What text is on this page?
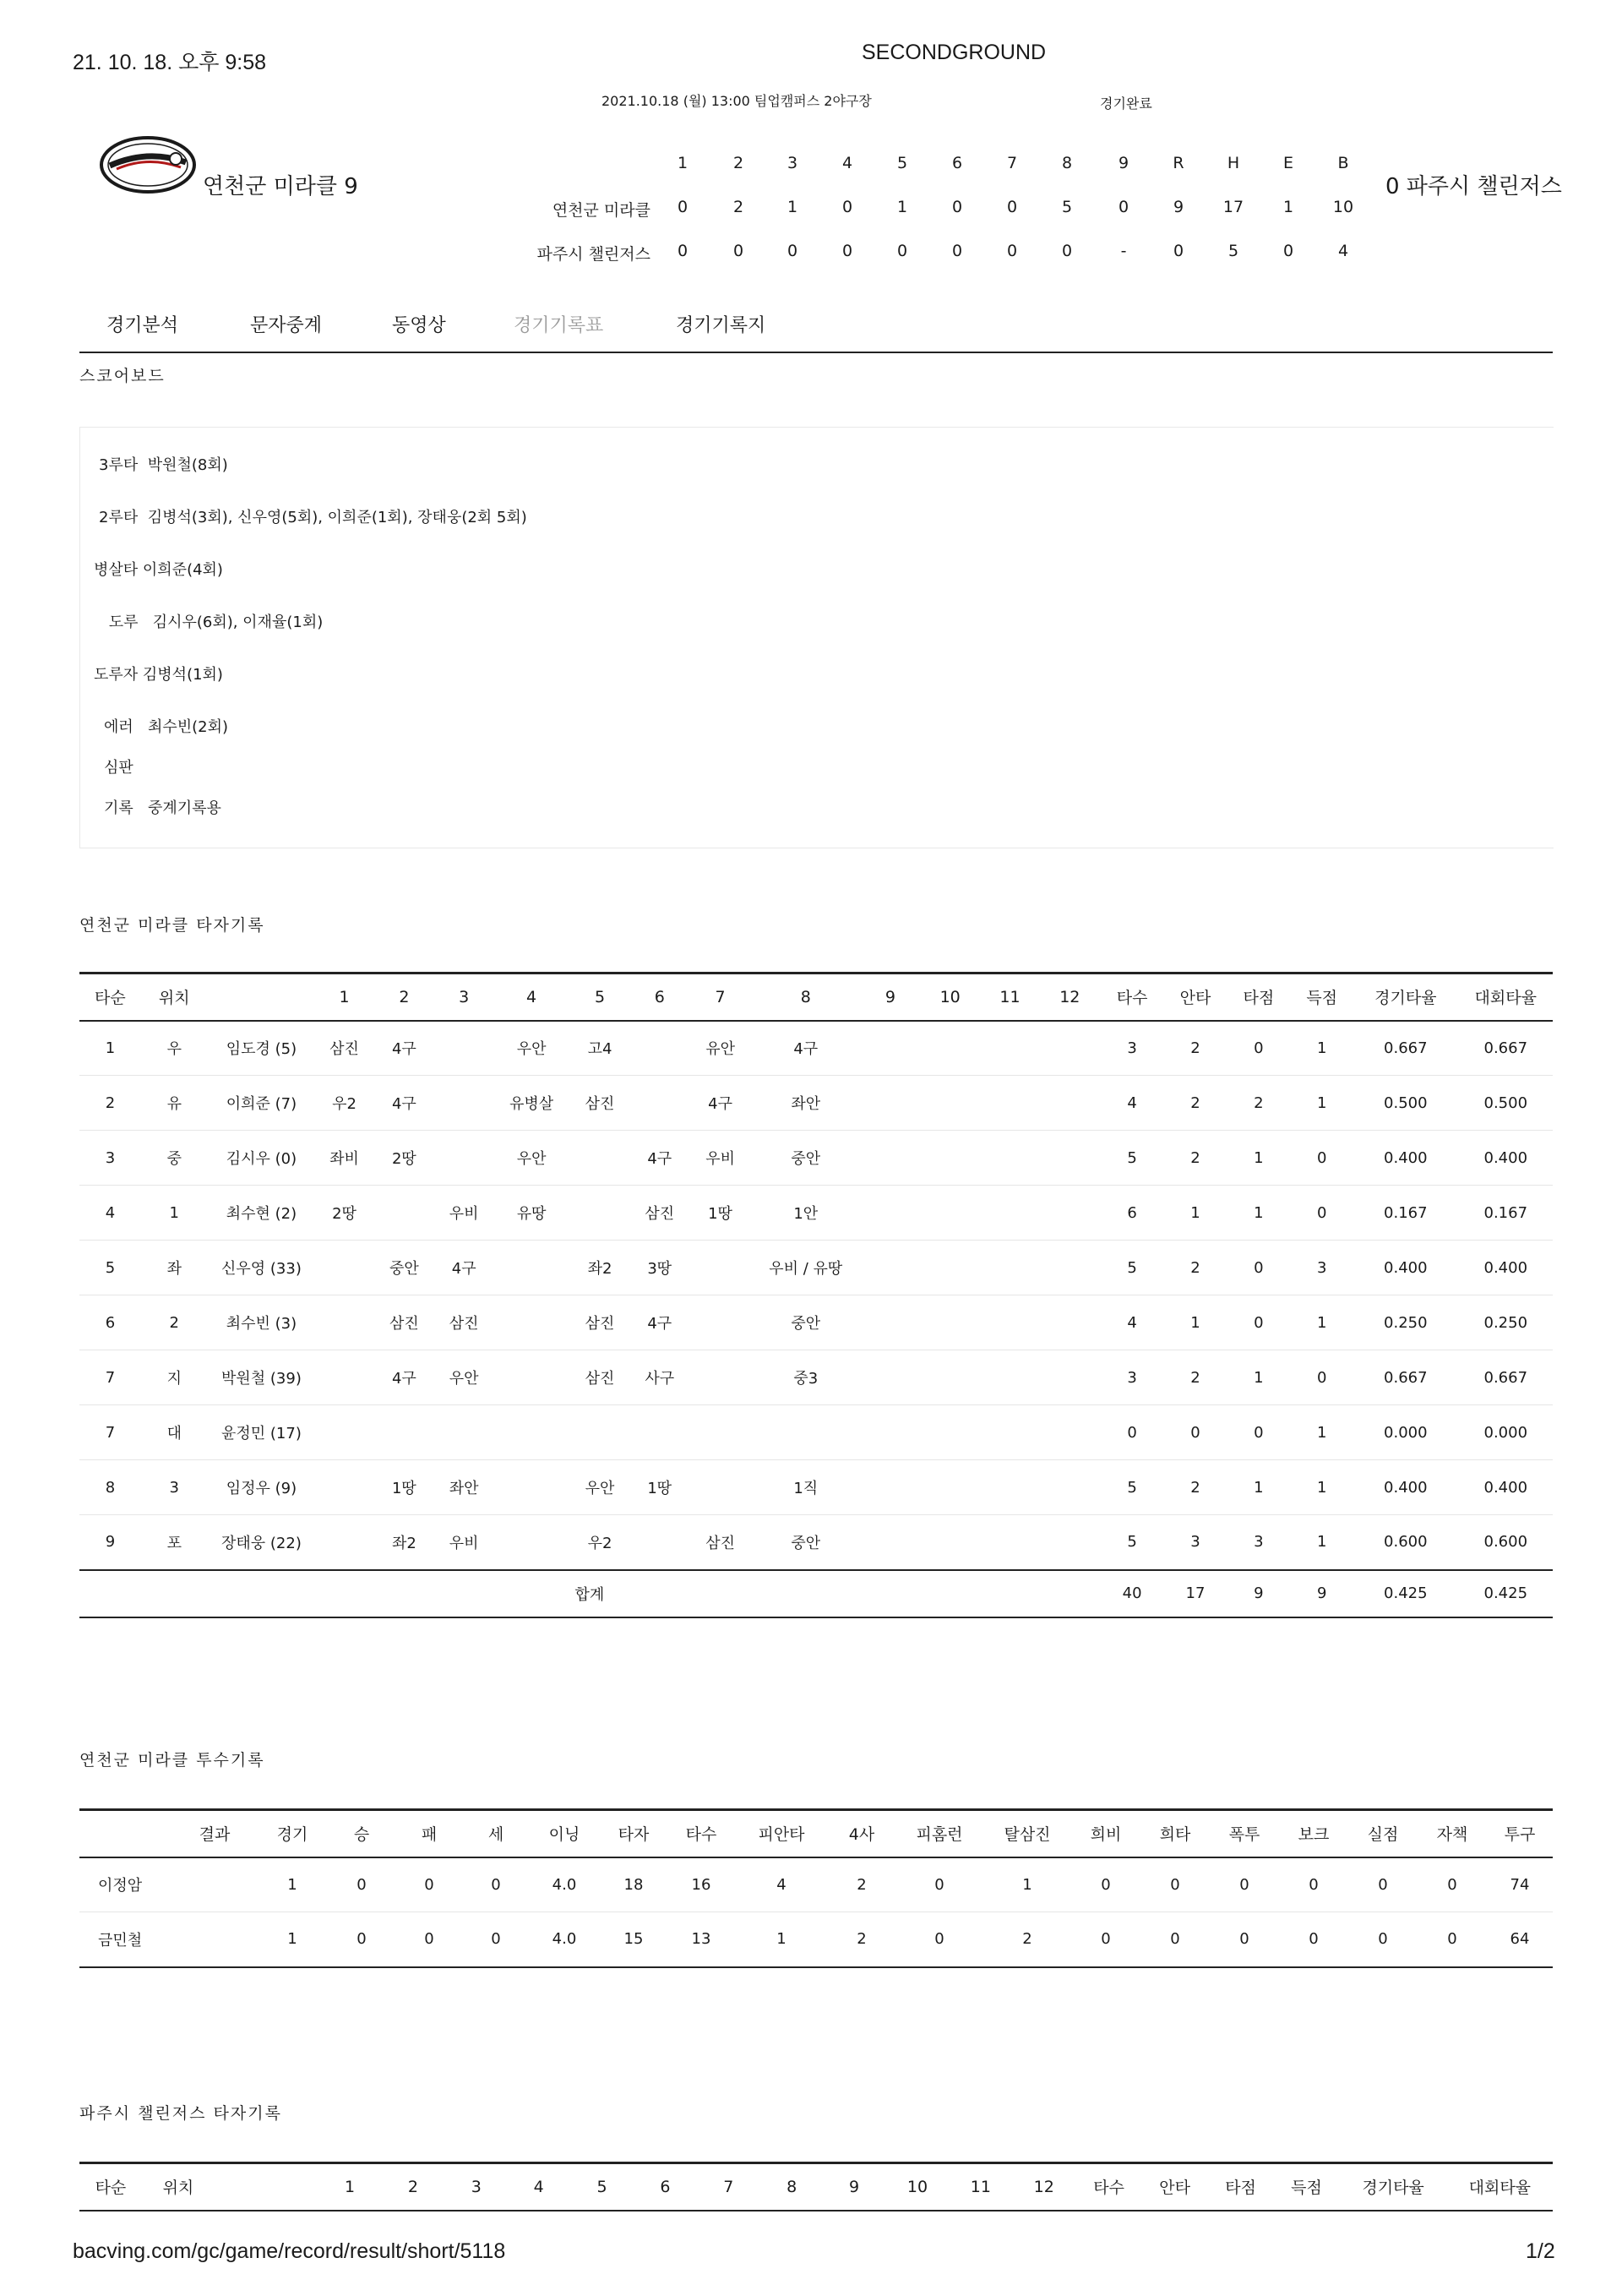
21. 10. 18. 오후 9:58	SECONDGROUND
2021.10.18 (월) 13:00 팀업캠퍼스 2야구장	경기완료
연천군 미라클 9	0 파주시 챌린저스
1	2	3	4	5	6	7	8	9	R	H	E	B
연천군 미라클	0	2	1	0	1	0	0	5	0	9	17	1	10
파주시 챌린저스	0	0	0	0	0	0	0	0	-	0	5	0	4
경기분석	문자중계	동영상	경기기록표	경기기록지
스코어보드
3루타 박원철(8회)
2루타 김병석(3회), 신우영(5회), 이희준(1회), 장태웅(2회 5회)
병살타 이희준(4회)
도루 김시우(6회), 이재율(1회)
도루자 김병석(1회)
에러 최수빈(2회)
심판
기록 중계기록용
연천군 미라클 타자기록
타순	위치		1	2	3	4	5	6	7	8	9	10	11	12	타수	안타	타점	득점	경기타율	대회타율
1	우	임도경 (5)	삼진	4구		우안	고4		유안	4구					3	2	0	1	0.667	0.667
2	유	이희준 (7)	우2	4구		유병살	삼진		4구	좌안					4	2	2	1	0.500	0.500
3	중	김시우 (0)	좌비	2땅		우안		4구	우비	중안					5	2	1	0	0.400	0.400
4	1	최수현 (2)	2땅		우비	유땅		삼진	1땅	1안					6	1	1	0	0.167	0.167
5	좌	신우영 (33)		중안	4구		좌2	3땅		우비 / 유땅					5	2	0	3	0.400	0.400
6	2	최수빈 (3)		삼진	삼진		삼진	4구		중안					4	1	0	1	0.250	0.250
7	지	박원철 (39)		4구	우안		삼진	사구		중3					3	2	1	0	0.667	0.667
7	대	윤정민 (17)													0	0	0	1	0.000	0.000
8	3	임정우 (9)		1땅	좌안		우안	1땅		1직					5	2	1	1	0.400	0.400
9	포	장태웅 (22)		좌2	우비		우2		삼진	중안					5	3	3	1	0.600	0.600
합계															40	17	9	9	0.425	0.425
연천군 미라클 투수기록
	결과	경기	승	패	세	이닝	타자	타수	피안타	4사	피홈런	탈삼진	희비	희타	폭투	보크	실점	자책	투구
이정암		1	0	0	0	4.0	18	16	4	2	0	1	0	0	0	0	0	0	74
금민철		1	0	0	0	4.0	15	13	1	2	0	2	0	0	0	0	0	0	64
파주시 챌린저스 타자기록
타순	위치		1	2	3	4	5	6	7	8	9	10	11	12	타수	안타	타점	득점	경기타율	대회타율
bacving.com/gc/game/record/result/short/5118	1/2
